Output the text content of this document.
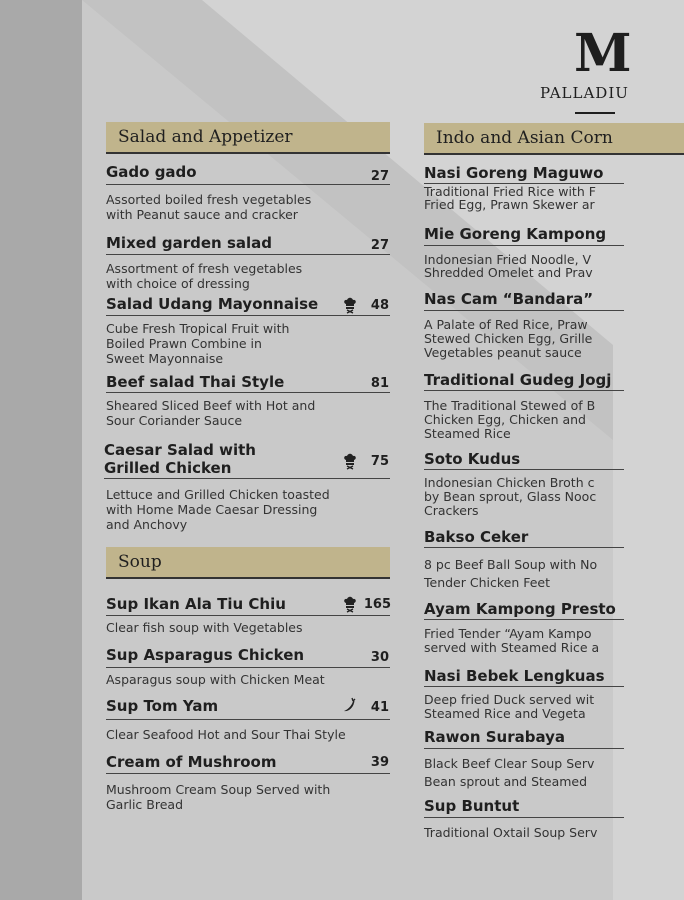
M
PALLADIU
Salad and Appetizer
Gado gado	27
Assorted boiled fresh vegetables
with Peanut sauce and cracker
Mixed garden salad	27
Assortment of fresh vegetables
with choice of dressing
Salad Udang Mayonnaise	48
Cube Fresh Tropical Fruit with
Boiled Prawn Combine in
Sweet Mayonnaise
Beef salad Thai Style	81
Sheared Sliced Beef with Hot and
Sour Coriander Sauce
Caesar Salad with
Grilled Chicken	75
Lettuce and Grilled Chicken toasted
with Home Made Caesar Dressing
and Anchovy
Soup
Sup Ikan Ala Tiu Chiu	165
Clear fish soup with Vegetables
Sup Asparagus Chicken	30
Asparagus soup with Chicken Meat
Sup Tom Yam	41
Clear Seafood Hot and Sour Thai Style
Cream of Mushroom	39
Mushroom Cream Soup Served with
Garlic Bread
Indo and Asian Corn
Nasi Goreng Maguwo
Traditional Fried Rice with F
Fried Egg, Prawn Skewer ar
Mie Goreng Kampong
Indonesian Fried Noodle, V
Shredded Omelet and Prav
Nas Cam “Bandara”
A Palate of Red Rice, Praw
Stewed Chicken Egg, Grille
Vegetables peanut sauce
Traditional Gudeg Jogj
The Traditional Stewed of B
Chicken Egg, Chicken and
Steamed Rice
Soto Kudus
Indonesian Chicken Broth c
by Bean sprout, Glass Nooc
Crackers
Bakso Ceker
8 pc Beef Ball Soup with No
Tender Chicken Feet
Ayam Kampong Presto
Fried Tender “Ayam Kampo
served with Steamed Rice a
Nasi Bebek Lengkuas
Deep fried Duck served wit
Steamed Rice and Vegeta
Rawon Surabaya
Black Beef Clear Soup Serv
Bean sprout and Steamed
Sup Buntut
Traditional Oxtail Soup Serv
